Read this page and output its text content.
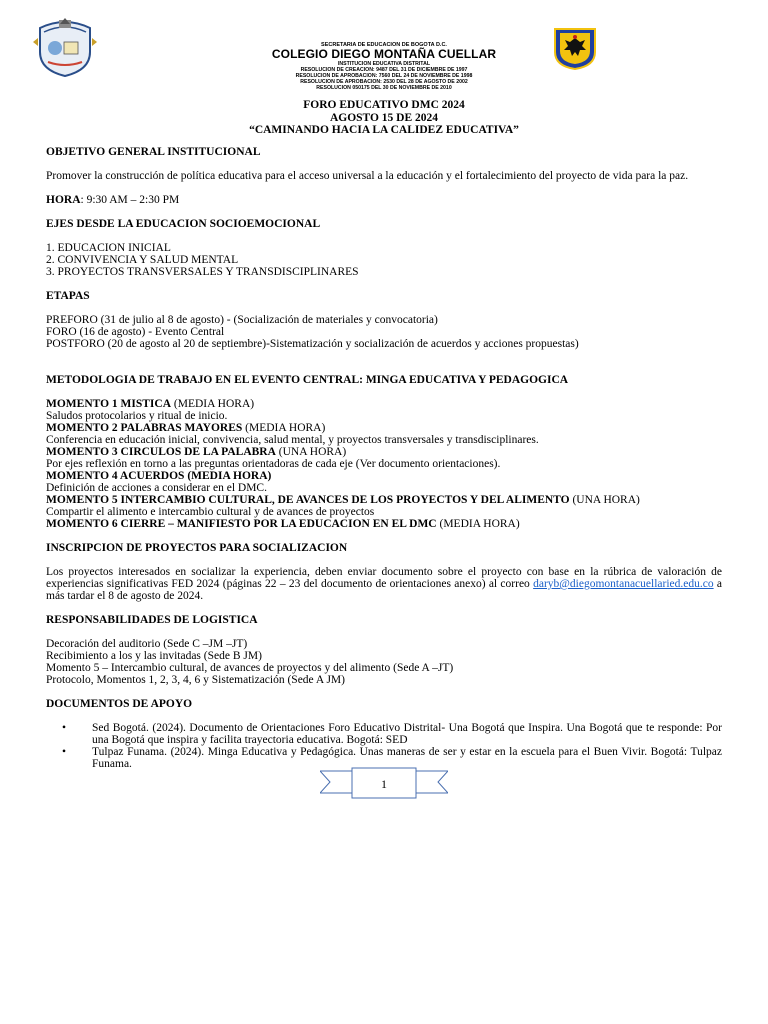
SECRETARIA DE EDUCACION DE BOGOTA D.C.
COLEGIO DIEGO MONTAÑA CUELLAR
INSTITUCION EDUCATIVA DISTRITAL
RESOLUCION DE CREACION: 9487 DEL 31 DE DICIEMBRE DE 1997
RESOLUCION DE APROBACION: 7560 DEL 24 DE NOVIEMBRE DE 1998
RESOLUCION DE APROBACION: 2530 DEL 28 DE AGOSTO DE 2002
RESOLUCION 050175 DEL 30 DE NOVIEMBRE DE 2010
FORO EDUCATIVO DMC 2024
AGOSTO 15 DE 2024
“CAMINANDO HACIA LA CALIDEZ EDUCATIVA”

OBJETIVO GENERAL INSTITUCIONAL

Promover la construcción de política educativa para el acceso universal a la educación y el fortalecimiento del proyecto de vida para la paz.

HORA: 9:30 AM – 2:30 PM

EJES DESDE LA EDUCACION SOCIOEMOCIONAL

1. EDUCACION INICIAL

2. CONVIVENCIA Y SALUD MENTAL

3. PROYECTOS TRANSVERSALES Y TRANSDISCIPLINARES

ETAPAS

PREFORO (31 de julio al 8 de agosto) - (Socialización de materiales y convocatoria)

FORO (16 de agosto) - Evento Central

POSTFORO (20 de agosto al 20 de septiembre)-Sistematización y socialización de acuerdos y acciones propuestas)

METODOLOGIA DE TRABAJO EN EL EVENTO CENTRAL: MINGA EDUCATIVA Y PEDAGOGICA

MOMENTO 1 MISTICA (MEDIA HORA)

Saludos protocolarios y ritual de inicio.

MOMENTO 2 PALABRAS MAYORES (MEDIA HORA)

Conferencia en educación inicial, convivencia, salud mental, y proyectos transversales y transdisciplinares.

MOMENTO 3 CIRCULOS DE LA PALABRA (UNA HORA)

Por ejes reflexión en torno a las preguntas orientadoras de cada eje (Ver documento orientaciones).

MOMENTO 4 ACUERDOS (MEDIA HORA)

Definición de acciones a considerar en el DMC.

MOMENTO 5 INTERCAMBIO CULTURAL, DE AVANCES DE LOS PROYECTOS Y DEL ALIMENTO (UNA HORA)

Compartir el alimento e intercambio cultural y de avances de proyectos

MOMENTO 6 CIERRE – MANIFIESTO POR LA EDUCACION EN EL DMC (MEDIA HORA)

INSCRIPCION DE PROYECTOS PARA SOCIALIZACION

Los proyectos interesados en socializar la experiencia, deben enviar documento sobre el proyecto con base en la rúbrica de valoración de experiencias significativas FED 2024 (páginas 22 – 23 del documento de orientaciones anexo) al correo daryb@diegomontanacuellaried.edu.co a más tardar el 8 de agosto de 2024.

RESPONSABILIDADES DE LOGISTICA

Decoración del auditorio (Sede C –JM –JT)

Recibimiento a los y las invitadas (Sede B JM)

Momento 5 – Intercambio cultural, de avances de proyectos y del alimento (Sede A –JT)

Protocolo, Momentos 1, 2, 3, 4, 6 y Sistematización (Sede A JM)

DOCUMENTOS DE APOYO

• Sed Bogotá. (2024). Documento de Orientaciones Foro Educativo Distrital- Una Bogotá que Inspira. Una Bogotá que te responde: Por una Bogotá que inspira y facilita trayectoria educativa. Bogotá: SED
• Tulpaz Funama. (2024). Minga Educativa y Pedagógica. Unas maneras de ser y estar en la escuela para el Buen Vivir. Bogotá: Tulpaz Funama.
1
